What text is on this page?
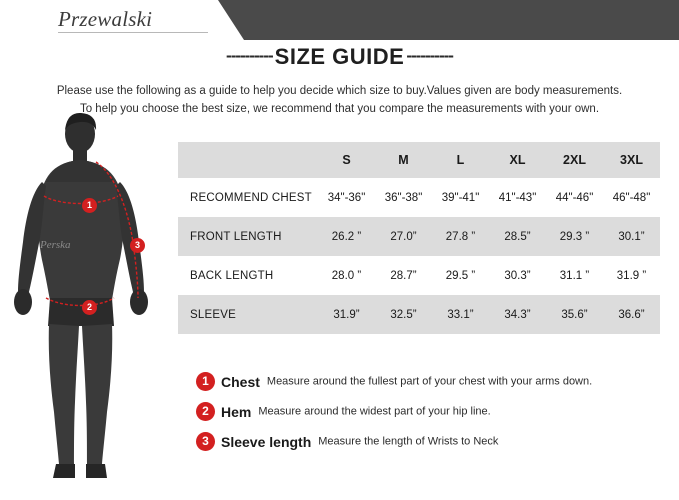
Przewalski
----------SIZE GUIDE ----------
Please use the following as a guide to help you decide which size to buy.Values given are body measurements.
To help you choose the best size, we recommend that you compare the measurements with your own.
Perska
1
3
2
	S	M	L	XL	2XL	3XL
RECOMMEND CHEST	34"-36"	36"-38"	39"-41"	41"-43"	44"-46"	46"-48"
FRONT LENGTH	26.2 ”	27.0”	27.8 ”	28.5”	29.3 ”	30.1”
BACK LENGTH	28.0 ”	28.7”	29.5 ”	30.3”	31.1 ”	31.9 ”
SLEEVE	31.9”	32.5”	33.1”	34.3”	35.6”	36.6”
1 Chest Measure around the fullest part of your chest with your arms down.
2 Hem Measure around the widest part of your hip line.
3 Sleeve length Measure the length of Wrists to Neck
